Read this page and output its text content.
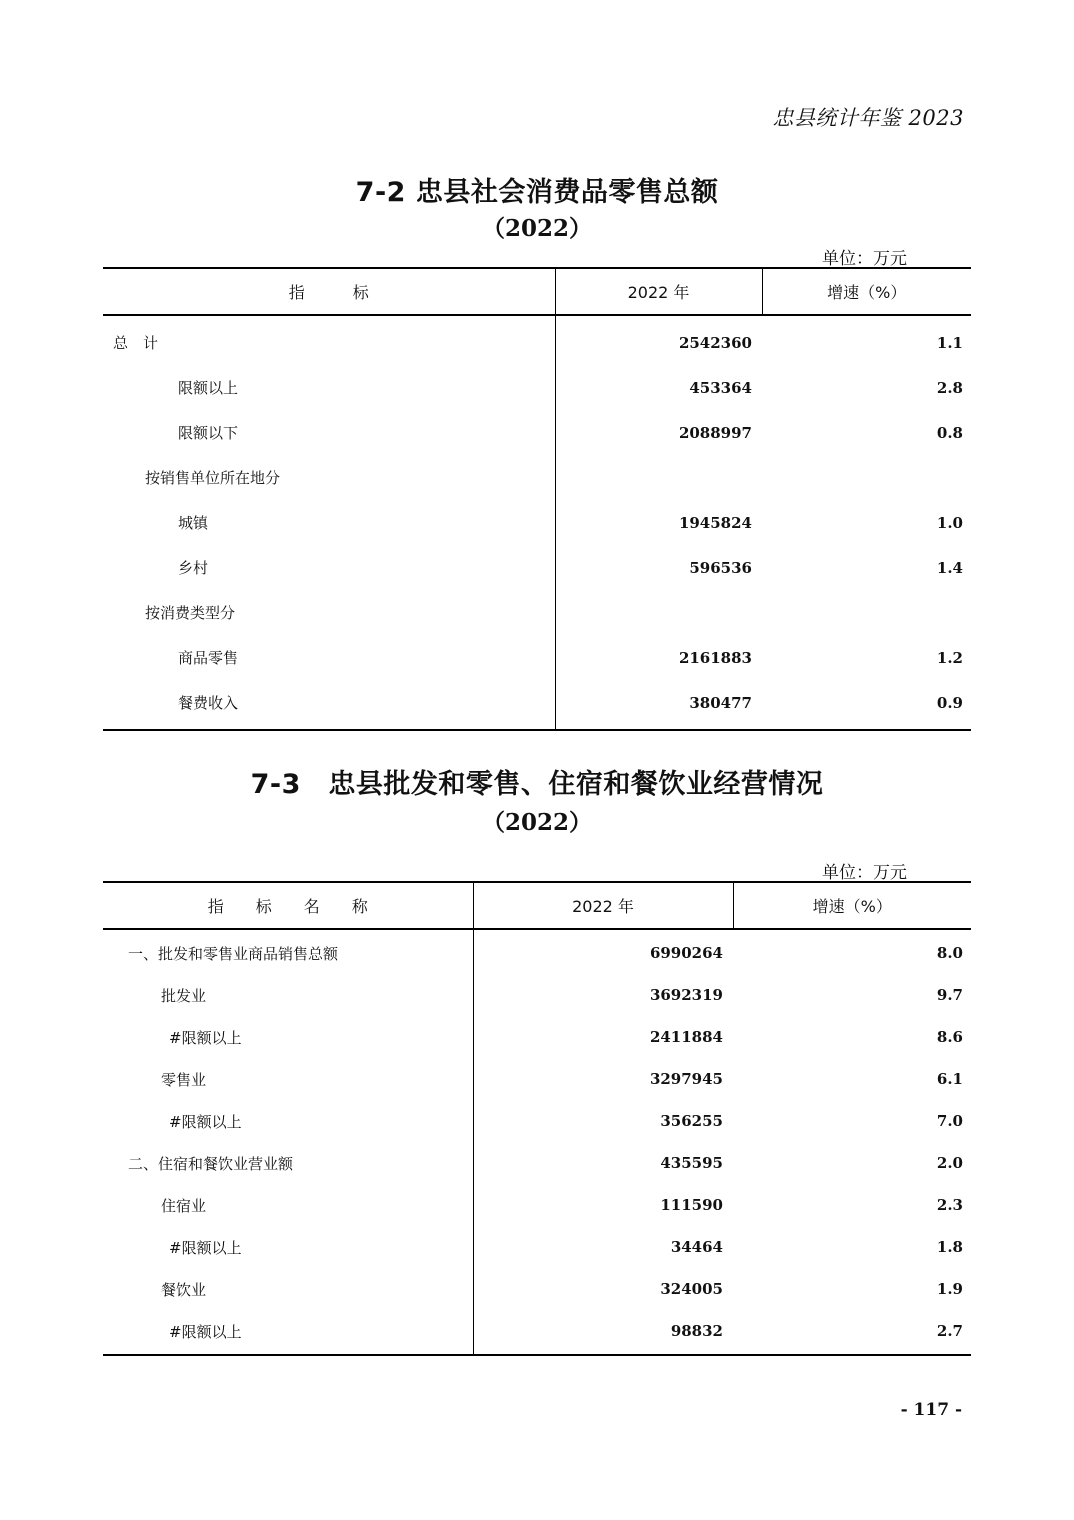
忠县统计年鉴 2023
7-2 忠县社会消费品零售总额
（2022）
单位：万元
指　　　标	2022 年	增速（%）
总　计	2542360	1.1
限额以上	453364	2.8
限额以下	2088997	0.8
按销售单位所在地分		
城镇	1945824	1.0
乡村	596536	1.4
按消费类型分		
商品零售	2161883	1.2
餐费收入	380477	0.9
7-3　忠县批发和零售、住宿和餐饮业经营情况
（2022）
单位：万元
指　　标　　名　　称	2022 年	增速（%）
一、批发和零售业商品销售总额	6990264	8.0
批发业	3692319	9.7
#限额以上	2411884	8.6
零售业	3297945	6.1
#限额以上	356255	7.0
二、住宿和餐饮业营业额	435595	2.0
住宿业	111590	2.3
#限额以上	34464	1.8
餐饮业	324005	1.9
#限额以上	98832	2.7
- 117 -
